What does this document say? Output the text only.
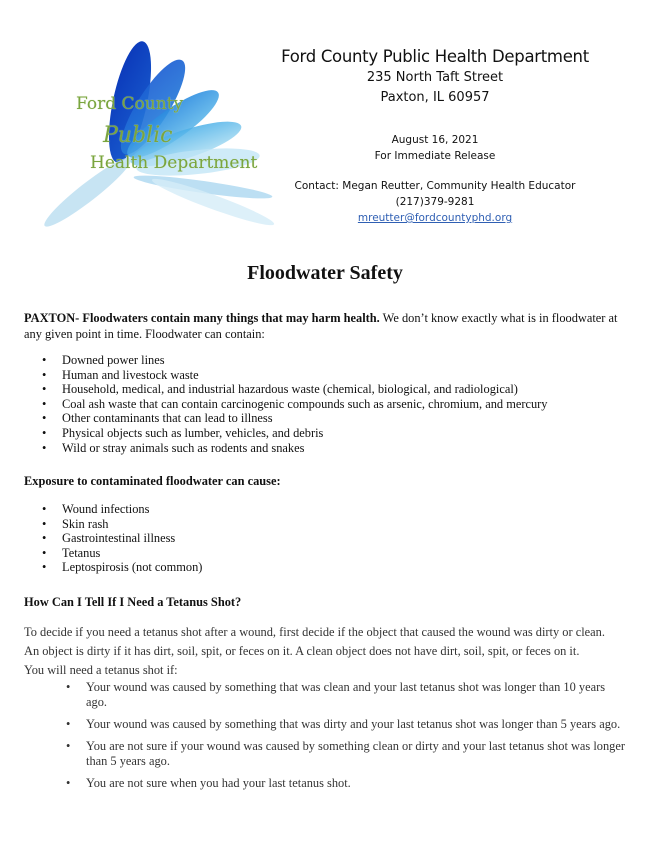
Ford County
Public
Health Department
Ford County Public Health Department
235 North Taft Street
Paxton, IL 60957
August 16, 2021
For Immediate Release
Contact: Megan Reutter, Community Health Educator
(217)379-9281
mreutter@fordcountyphd.org
Floodwater Safety
PAXTON- Floodwaters contain many things that may harm health. We don’t know exactly what is in floodwater at any given point in time. Floodwater can contain:
• Downed power lines
• Human and livestock waste
• Household, medical, and industrial hazardous waste (chemical, biological, and radiological)
• Coal ash waste that can contain carcinogenic compounds such as arsenic, chromium, and mercury
• Other contaminants that can lead to illness
• Physical objects such as lumber, vehicles, and debris
• Wild or stray animals such as rodents and snakes
Exposure to contaminated floodwater can cause:
• Wound infections
• Skin rash
• Gastrointestinal illness
• Tetanus
• Leptospirosis (not common)
How Can I Tell If I Need a Tetanus Shot?
To decide if you need a tetanus shot after a wound, first decide if the object that caused the wound was dirty or clean.
An object is dirty if it has dirt, soil, spit, or feces on it. A clean object does not have dirt, soil, spit, or feces on it.
You will need a tetanus shot if:
• Your wound was caused by something that was clean and your last tetanus shot was longer than 10 years ago.
• Your wound was caused by something that was dirty and your last tetanus shot was longer than 5 years ago.
• You are not sure if your wound was caused by something clean or dirty and your last tetanus shot was longer than 5 years ago.
• You are not sure when you had your last tetanus shot.
